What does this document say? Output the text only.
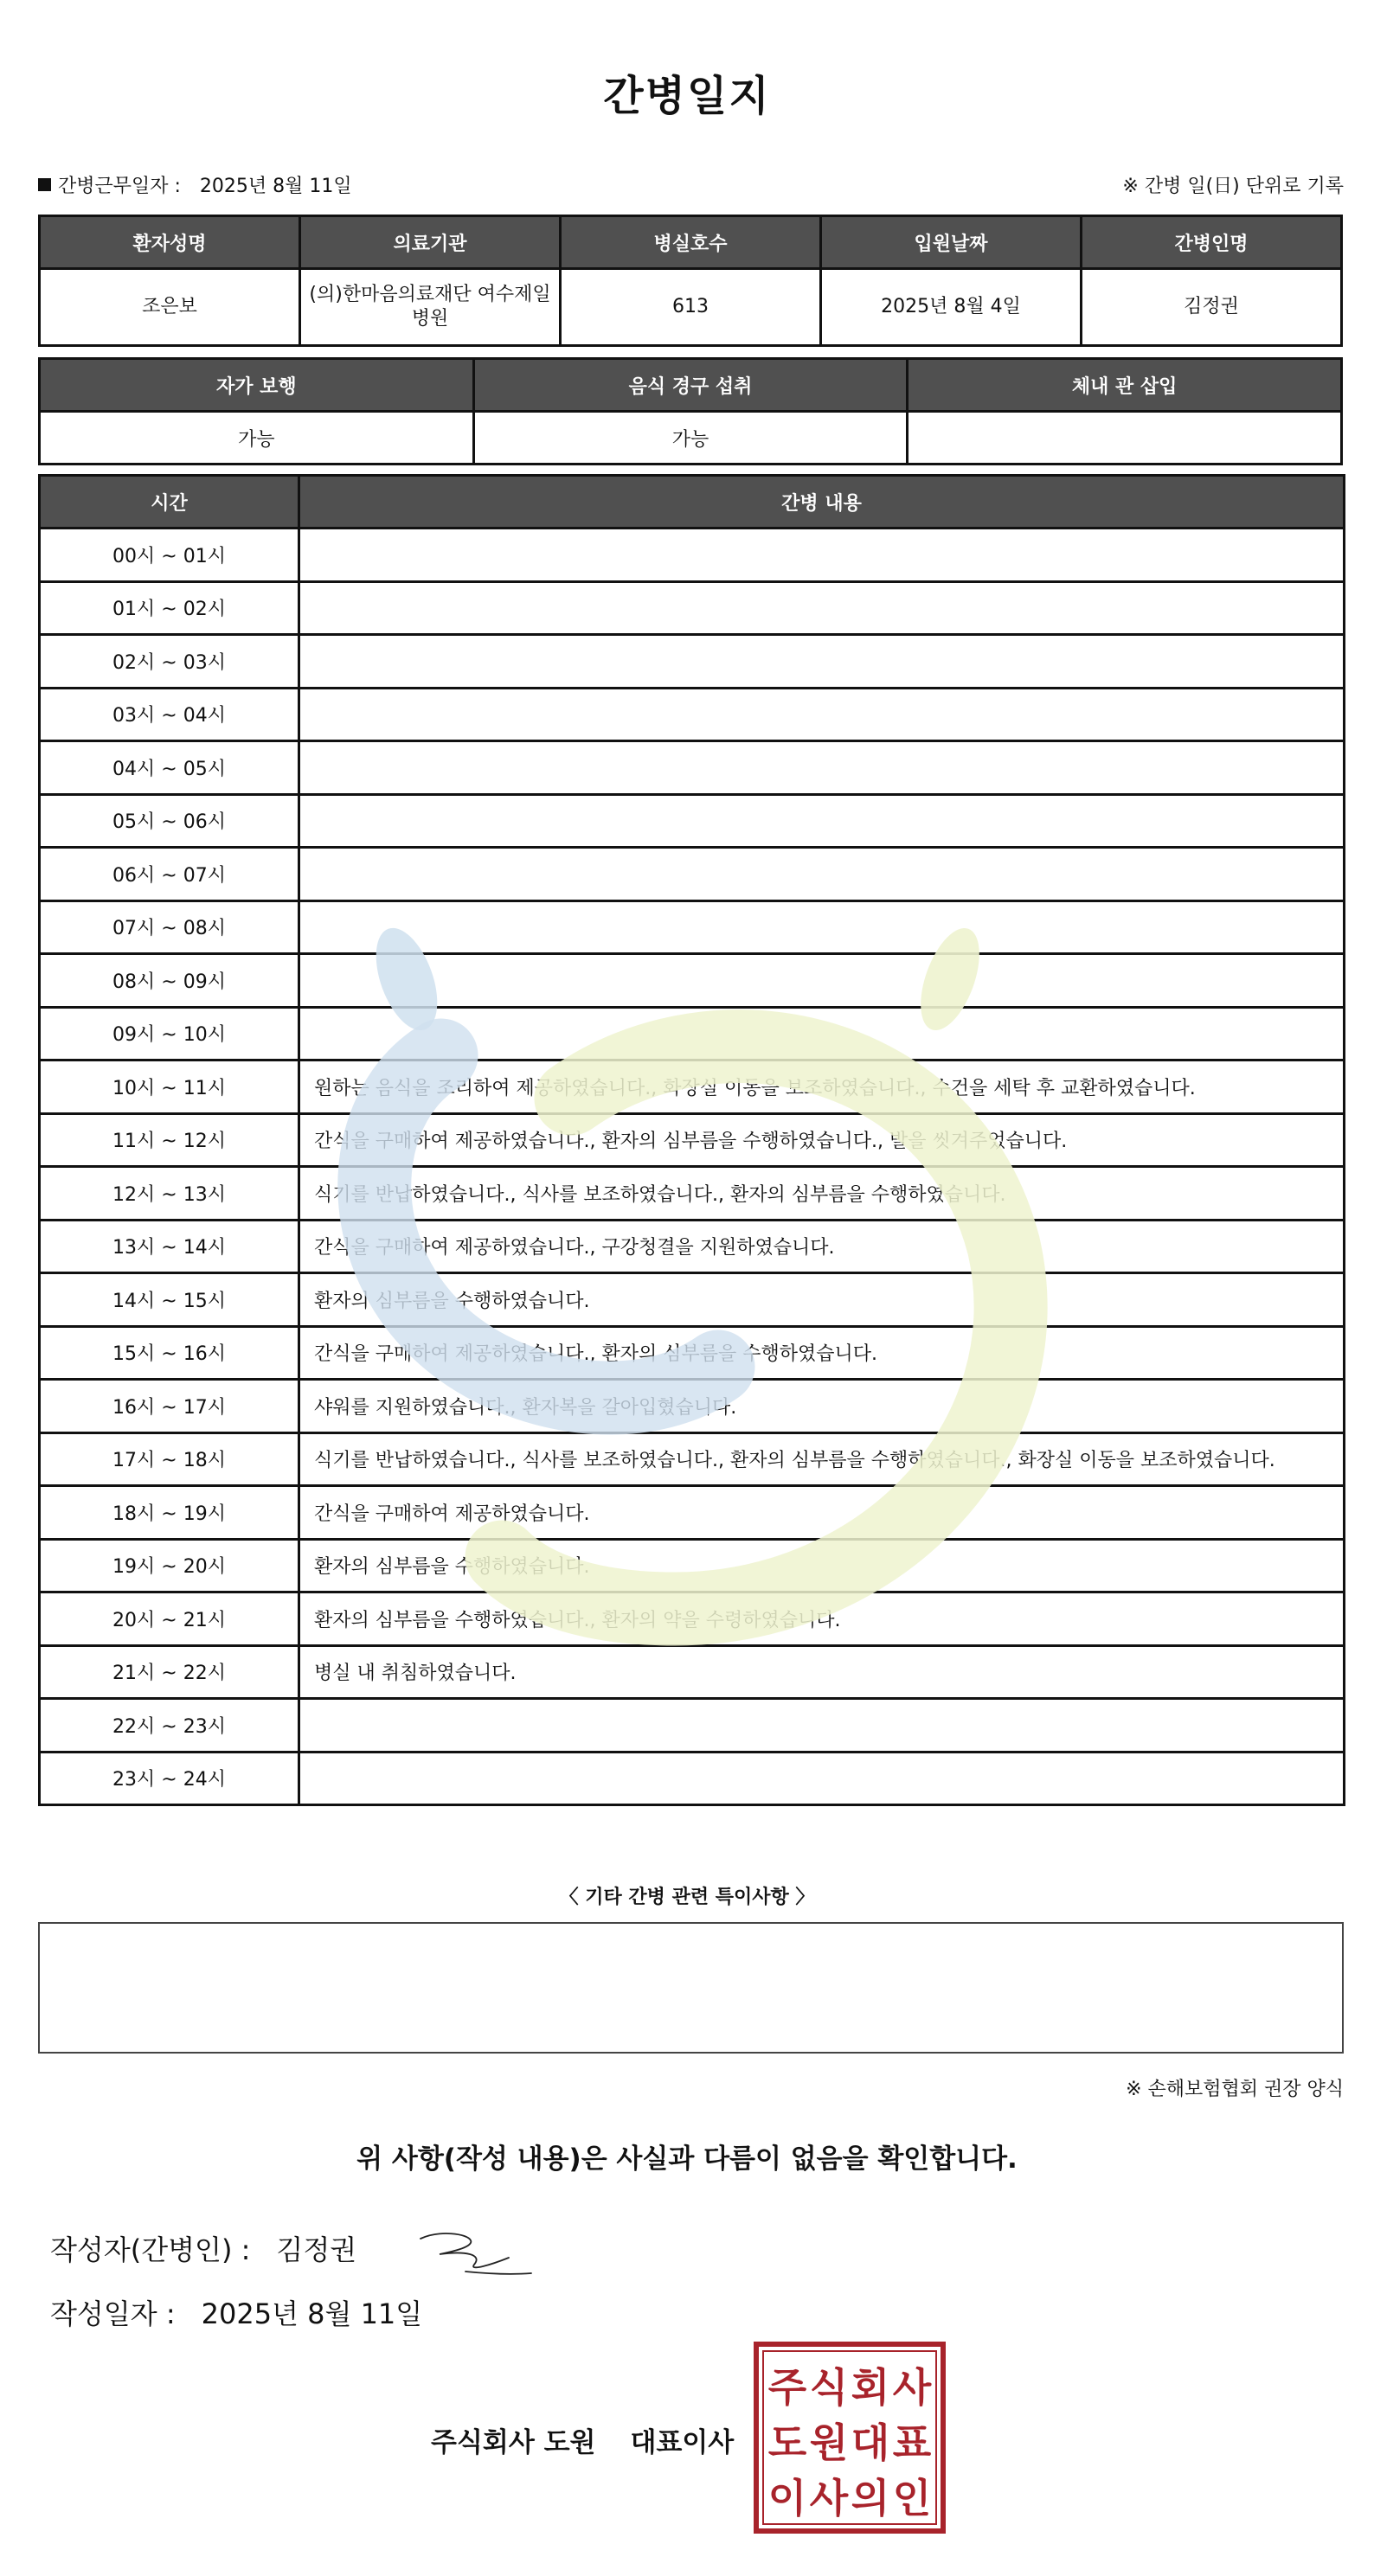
간병일지
간병근무일자 : 2025년 8월 11일	※ 간병 일(日) 단위로 기록
환자성명	의료기관	병실호수	입원날짜	간병인명
조은보	(의)한마음의료재단 여수제일병원	613	2025년 8월 4일	김정권
자가 보행	음식 경구 섭취	체내 관 삽입
가능	가능	
시간	간병 내용
00시 ~ 01시	
01시 ~ 02시	
02시 ~ 03시	
03시 ~ 04시	
04시 ~ 05시	
05시 ~ 06시	
06시 ~ 07시	
07시 ~ 08시	
08시 ~ 09시	
09시 ~ 10시	
10시 ~ 11시	원하는 음식을 조리하여 제공하였습니다., 화장실 이동을 보조하였습니다., 수건을 세탁 후 교환하였습니다.
11시 ~ 12시	간식을 구매하여 제공하였습니다., 환자의 심부름을 수행하였습니다., 발을 씻겨주었습니다.
12시 ~ 13시	식기를 반납하였습니다., 식사를 보조하였습니다., 환자의 심부름을 수행하였습니다.
13시 ~ 14시	간식을 구매하여 제공하였습니다., 구강청결을 지원하였습니다.
14시 ~ 15시	환자의 심부름을 수행하였습니다.
15시 ~ 16시	간식을 구매하여 제공하였습니다., 환자의 심부름을 수행하였습니다.
16시 ~ 17시	샤워를 지원하였습니다., 환자복을 갈아입혔습니다.
17시 ~ 18시	식기를 반납하였습니다., 식사를 보조하였습니다., 환자의 심부름을 수행하였습니다., 화장실 이동을 보조하였습니다.
18시 ~ 19시	간식을 구매하여 제공하였습니다.
19시 ~ 20시	환자의 심부름을 수행하였습니다.
20시 ~ 21시	환자의 심부름을 수행하였습니다., 환자의 약을 수령하였습니다.
21시 ~ 22시	병실 내 취침하였습니다.
22시 ~ 23시	
23시 ~ 24시	
〈 기타 간병 관련 특이사항 〉
※ 손해보험협회 권장 양식
위 사항(작성 내용)은 사실과 다름이 없음을 확인합니다.
작성자(간병인) : 김정권
작성일자 : 2025년 8월 11일
주식회사 도원 대표이사
주 식 회 사
도 원 대 표
이 사 의 인
